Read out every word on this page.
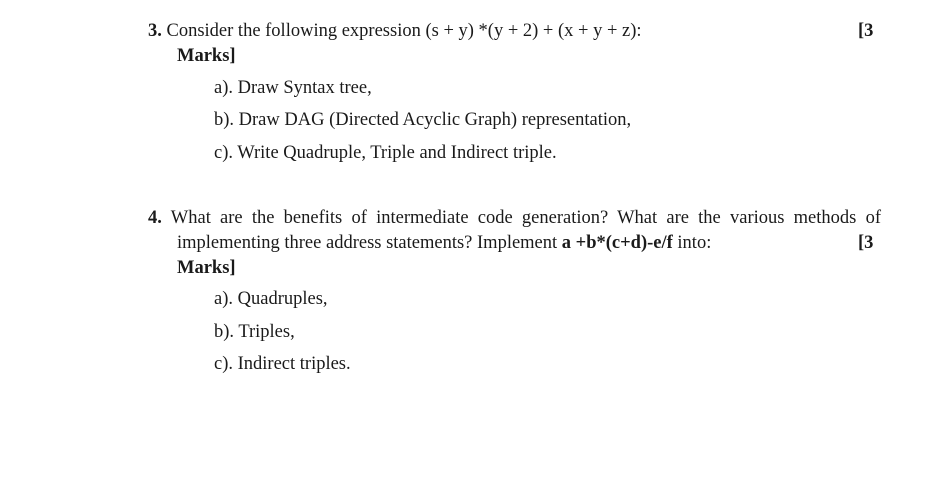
3. Consider the following expression (s + y) *(y + 2) + (x + y + z):	[3
Marks]
a). Draw Syntax tree,
b). Draw DAG (Directed Acyclic Graph) representation,
c). Write Quadruple, Triple and Indirect triple.
4. What are the benefits of intermediate code generation? What are the various methods of
implementing three address statements? Implement a +b*(c+d)-e/f into:	[3
Marks]
a). Quadruples,
b). Triples,
c). Indirect triples.
